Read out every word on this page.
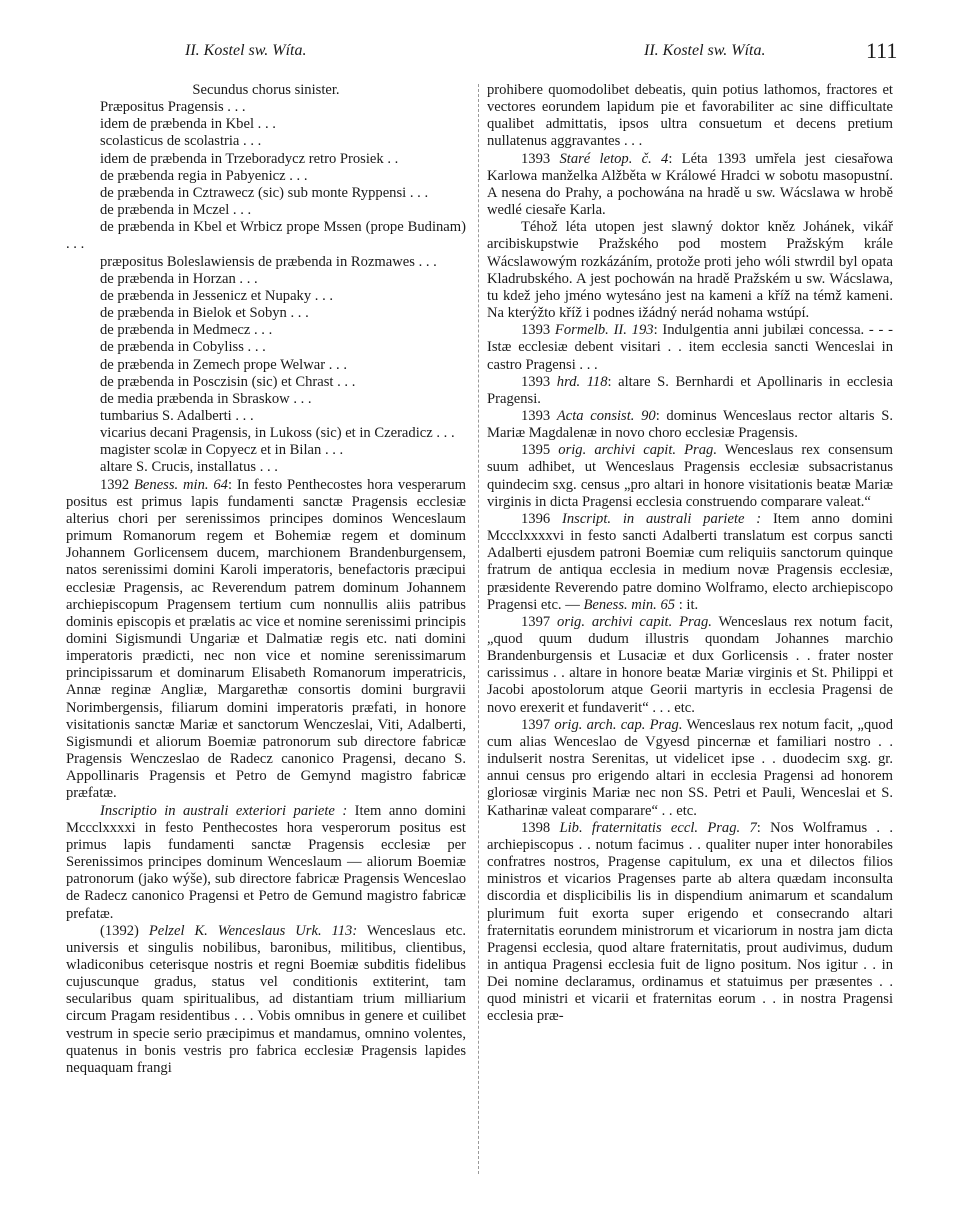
II. Kostel sw. Wíta.	II. Kostel sw. Wíta.	111

Secundus chorus sinister.

Præpositus Pragensis . . .

idem de præbenda in Kbel . . .

scolasticus de scolastria . . .

idem de præbenda in Trzeboradycz retro Prosiek . .

de præbenda regia in Pabyenicz . . .

de præbenda in Cztrawecz (sic) sub monte Ryppensi . . .

de præbenda in Mczel . . .

de præbenda in Kbel et Wrbicz prope Mssen (prope Budinam) . . .

præpositus Boleslawiensis de præbenda in Rozmawes . . .

de præbenda in Horzan . . .

de præbenda in Jessenicz et Nupaky . . .

de præbenda in Bielok et Sobyn . . .

de præbenda in Medmecz . . .

de præbenda in Cobyliss . . .

de præbenda in Zemech prope Welwar . . .

de præbenda in Posczisin (sic) et Chrast . . .

de media præbenda in Sbraskow . . .

tumbarius S. Adalberti . . .

vicarius decani Pragensis, in Lukoss (sic) et in Czeradicz . . .

magister scolæ in Copyecz et in Bilan . . .

altare S. Crucis, installatus . . .

1392 Beness. min. 64: In festo Penthecostes hora vesperarum positus est primus lapis fundamenti sanctæ Pragensis ecclesiæ alterius chori per serenissimos principes dominos Wenceslaum primum Romanorum regem et Bohemiæ regem et dominum Johannem Gorlicensem ducem, marchionem Brandenburgensem, natos serenissimi domini Karoli imperatoris, benefactoris præcipui ecclesiæ Pragensis, ac Reverendum patrem dominum Johannem archiepiscopum Pragensem tertium cum nonnullis aliis patribus dominis episcopis et prælatis ac vice et nomine serenissimi principis domini Sigismundi Ungariæ et Dalmatiæ regis etc. nati domini imperatoris prædicti, nec non vice et nomine serenissimarum principissarum et dominarum Elisabeth Romanorum imperatricis, Annæ reginæ Angliæ, Margarethæ consortis domini burgravii Norimbergensis, filiarum domini imperatoris præfati, in honore visitationis sanctæ Mariæ et sanctorum Wenczeslai, Viti, Adalberti, Sigismundi et aliorum Boemiæ patronorum sub directore fabricæ Pragensis Wenczeslao de Radecz canonico Pragensi, decano S. Appollinaris Pragensis et Petro de Gemynd magistro fabricæ præfatæ.

Inscriptio in australi exteriori pariete : Item anno domini Mccclxxxxi in festo Penthecostes hora vesperorum positus est primus lapis fundamenti sanctæ Pragensis ecclesiæ per Serenissimos principes dominum Wenceslaum — aliorum Boemiæ patronorum (jako wýše), sub directore fabricæ Pragensis Wenceslao de Radecz canonico Pragensi et Petro de Gemund magistro fabricæ prefatæ.

(1392) Pelzel K. Wenceslaus Urk. 113: Wenceslaus etc. universis et singulis nobilibus, baronibus, militibus, clientibus, wladiconibus ceterisque nostris et regni Boemiæ subditis fidelibus cujuscunque gradus, status vel conditionis extiterint, tam secularibus quam spiritualibus, ad distantiam trium milliarium circum Pragam residentibus . . . Vobis omnibus in genere et cuilibet vestrum in specie serio præcipimus et mandamus, omnino volentes, quatenus in bonis vestris pro fabrica ecclesiæ Pragensis lapides nequaquam frangi

prohibere quomodolibet debeatis, quin potius lathomos, fractores et vectores eorundem lapidum pie et favorabiliter ac sine difficultate qualibet admittatis, ipsos ultra consuetum et decens pretium nullatenus aggravantes . . .

1393 Staré letop. č. 4: Léta 1393 umřela jest ciesařowa Karlowa manželka Alžběta w Králowé Hradci w sobotu masopustní. A nesena do Prahy, a pochowána na hradě u sw. Wácslawa w hrobě wedlé ciesaře Karla.

Téhož léta utopen jest slawný doktor kněz Johánek, vikář arcibiskupstwie Pražského pod mostem Pražským krále Wácslawowým rozkázáním, protože proti jeho wóli stwrdil byl opata Kladrubského. A jest pochowán na hradě Pražském u sw. Wácslawa, tu kdež jeho jméno wytesáno jest na kameni a kříž na témž kameni. Na kterýžto kříž i podnes ižádný nerád nohama wstúpí.

1393 Formelb. II. 193: Indulgentia anni jubilæi concessa. - - - Istæ ecclesiæ debent visitari . . item ecclesia sancti Wenceslai in castro Pragensi . . .

1393 hrd. 118: altare S. Bernhardi et Apollinaris in ecclesia Pragensi.

1393 Acta consist. 90: dominus Wenceslaus rector altaris S. Mariæ Magdalenæ in novo choro ecclesiæ Pragensis.

1395 orig. archivi capit. Prag. Wenceslaus rex consensum suum adhibet, ut Wenceslaus Pragensis ecclesiæ subsacristanus quindecim sxg. census „pro altari in honore visitationis beatæ Mariæ virginis in dicta Pragensi ecclesia construendo comparare valeat.“

1396 Inscript. in australi pariete : Item anno domini Mccclxxxxvi in festo sancti Adalberti translatum est corpus sancti Adalberti ejusdem patroni Boemiæ cum reliquiis sanctorum quinque fratrum de antiqua ecclesia in medium novæ Pragensis ecclesiæ, præsidente Reverendo patre domino Wolframo, electo archiepiscopo Pragensi etc. — Beness. min. 65 : it.

1397 orig. archivi capit. Prag. Wenceslaus rex notum facit, „quod quum dudum illustris quondam Johannes marchio Brandenburgensis et Lusaciæ et dux Gorlicensis . . frater noster carissimus . . altare in honore beatæ Mariæ virginis et St. Philippi et Jacobi apostolorum atque Georii martyris in ecclesia Pragensi de novo erexerit et fundaverit“ . . . etc.

1397 orig. arch. cap. Prag. Wenceslaus rex notum facit, „quod cum alias Wenceslao de Vgyesd pincernæ et familiari nostro . . indulserit nostra Serenitas, ut videlicet ipse . . duodecim sxg. gr. annui census pro erigendo altari in ecclesia Pragensi ad honorem gloriosæ virginis Mariæ nec non SS. Petri et Pauli, Wenceslai et S. Katharinæ valeat comparare“ . . etc.

1398 Lib. fraternitatis eccl. Prag. 7: Nos Wolframus . . archiepiscopus . . notum facimus . . qualiter nuper inter honorabiles confratres nostros, Pragense capitulum, ex una et dilectos filios ministros et vicarios Pragenses parte ab altera quædam inconsulta discordia et displicibilis lis in dispendium animarum et scandalum plurimum fuit exorta super erigendo et consecrando altari fraternitatis eorundem ministrorum et vicariorum in nostra jam dicta Pragensi ecclesia, quod altare fraternitatis, prout audivimus, dudum in antiqua Pragensi ecclesia fuit de ligno positum. Nos igitur . . in Dei nomine declaramus, ordinamus et statuimus per præsentes . . quod ministri et vicarii et fraternitas eorum . . in nostra Pragensi ecclesia præ-
